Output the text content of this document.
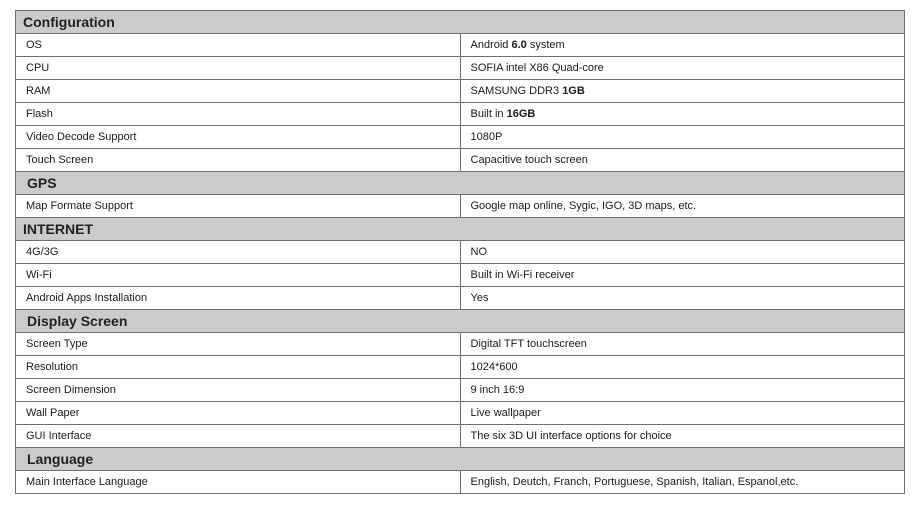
Configuration	
OS	Android 6.0 system
CPU	SOFIA intel X86 Quad-core
RAM	SAMSUNG DDR3 1GB
Flash	Built in 16GB
Video Decode Support	1080P
Touch Screen	Capacitive touch screen
GPS	
Map Formate Support	Google map online, Sygic, IGO, 3D maps, etc.
INTERNET	
4G/3G	NO
Wi-Fi	Built in Wi-Fi receiver
Android Apps Installation	Yes
Display Screen	
Screen Type	Digital TFT touchscreen
Resolution	1024*600
Screen Dimension	9 inch 16:9
Wall Paper	Live wallpaper
GUI Interface	The six 3D UI interface options for choice
Language	
Main Interface Language	English, Deutch, Franch, Portuguese, Spanish, Italian, Espanol,etc.
